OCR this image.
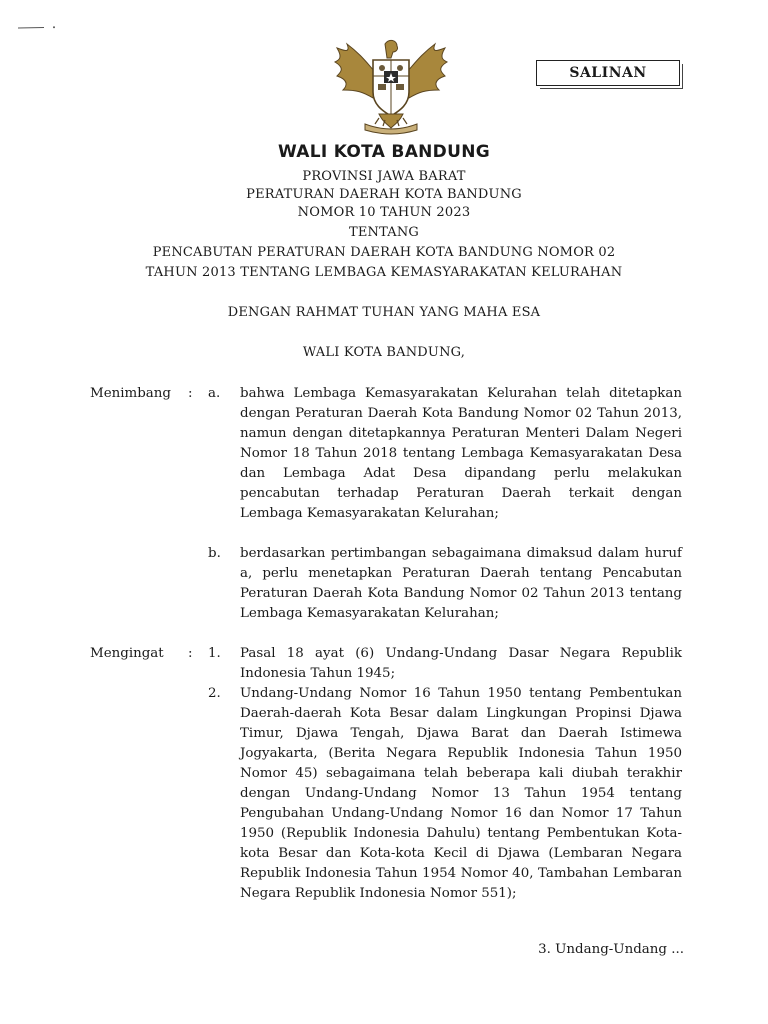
SALINAN
WALI KOTA BANDUNG
PROVINSI JAWA BARAT
PERATURAN DAERAH KOTA BANDUNG
NOMOR 10 TAHUN 2023
TENTANG
PENCABUTAN PERATURAN DAERAH KOTA BANDUNG NOMOR 02
TAHUN 2013 TENTANG LEMBAGA KEMASYARAKATAN KELURAHAN
DENGAN RAHMAT TUHAN YANG MAHA ESA
WALI KOTA BANDUNG,
Menimbang : a. bahwa Lembaga Kemasyarakatan Kelurahan telah ditetapkan dengan Peraturan Daerah Kota Bandung Nomor 02 Tahun 2013, namun dengan ditetapkannya Peraturan Menteri Dalam Negeri Nomor 18 Tahun 2018 tentang Lembaga Kemasyarakatan Desa dan Lembaga Adat Desa dipandang perlu melakukan pencabutan terhadap Peraturan Daerah terkait dengan Lembaga Kemasyarakatan Kelurahan;
b. berdasarkan pertimbangan sebagaimana dimaksud dalam huruf a, perlu menetapkan Peraturan Daerah tentang Pencabutan Peraturan Daerah Kota Bandung Nomor 02 Tahun 2013 tentang Lembaga Kemasyarakatan Kelurahan;
Mengingat : 1. Pasal 18 ayat (6) Undang-Undang Dasar Negara Republik Indonesia Tahun 1945;
2. Undang-Undang Nomor 16 Tahun 1950 tentang Pembentukan Daerah-daerah Kota Besar dalam Lingkungan Propinsi Djawa Timur, Djawa Tengah, Djawa Barat dan Daerah Istimewa Jogyakarta, (Berita Negara Republik Indonesia Tahun 1950 Nomor 45) sebagaimana telah beberapa kali diubah terakhir dengan Undang-Undang Nomor 13 Tahun 1954 tentang Pengubahan Undang-Undang Nomor 16 dan Nomor 17 Tahun 1950 (Republik Indonesia Dahulu) tentang Pembentukan Kota-kota Besar dan Kota-kota Kecil di Djawa (Lembaran Negara Republik Indonesia Tahun 1954 Nomor 40, Tambahan Lembaran Negara Republik Indonesia Nomor 551);
3. Undang-Undang ...
